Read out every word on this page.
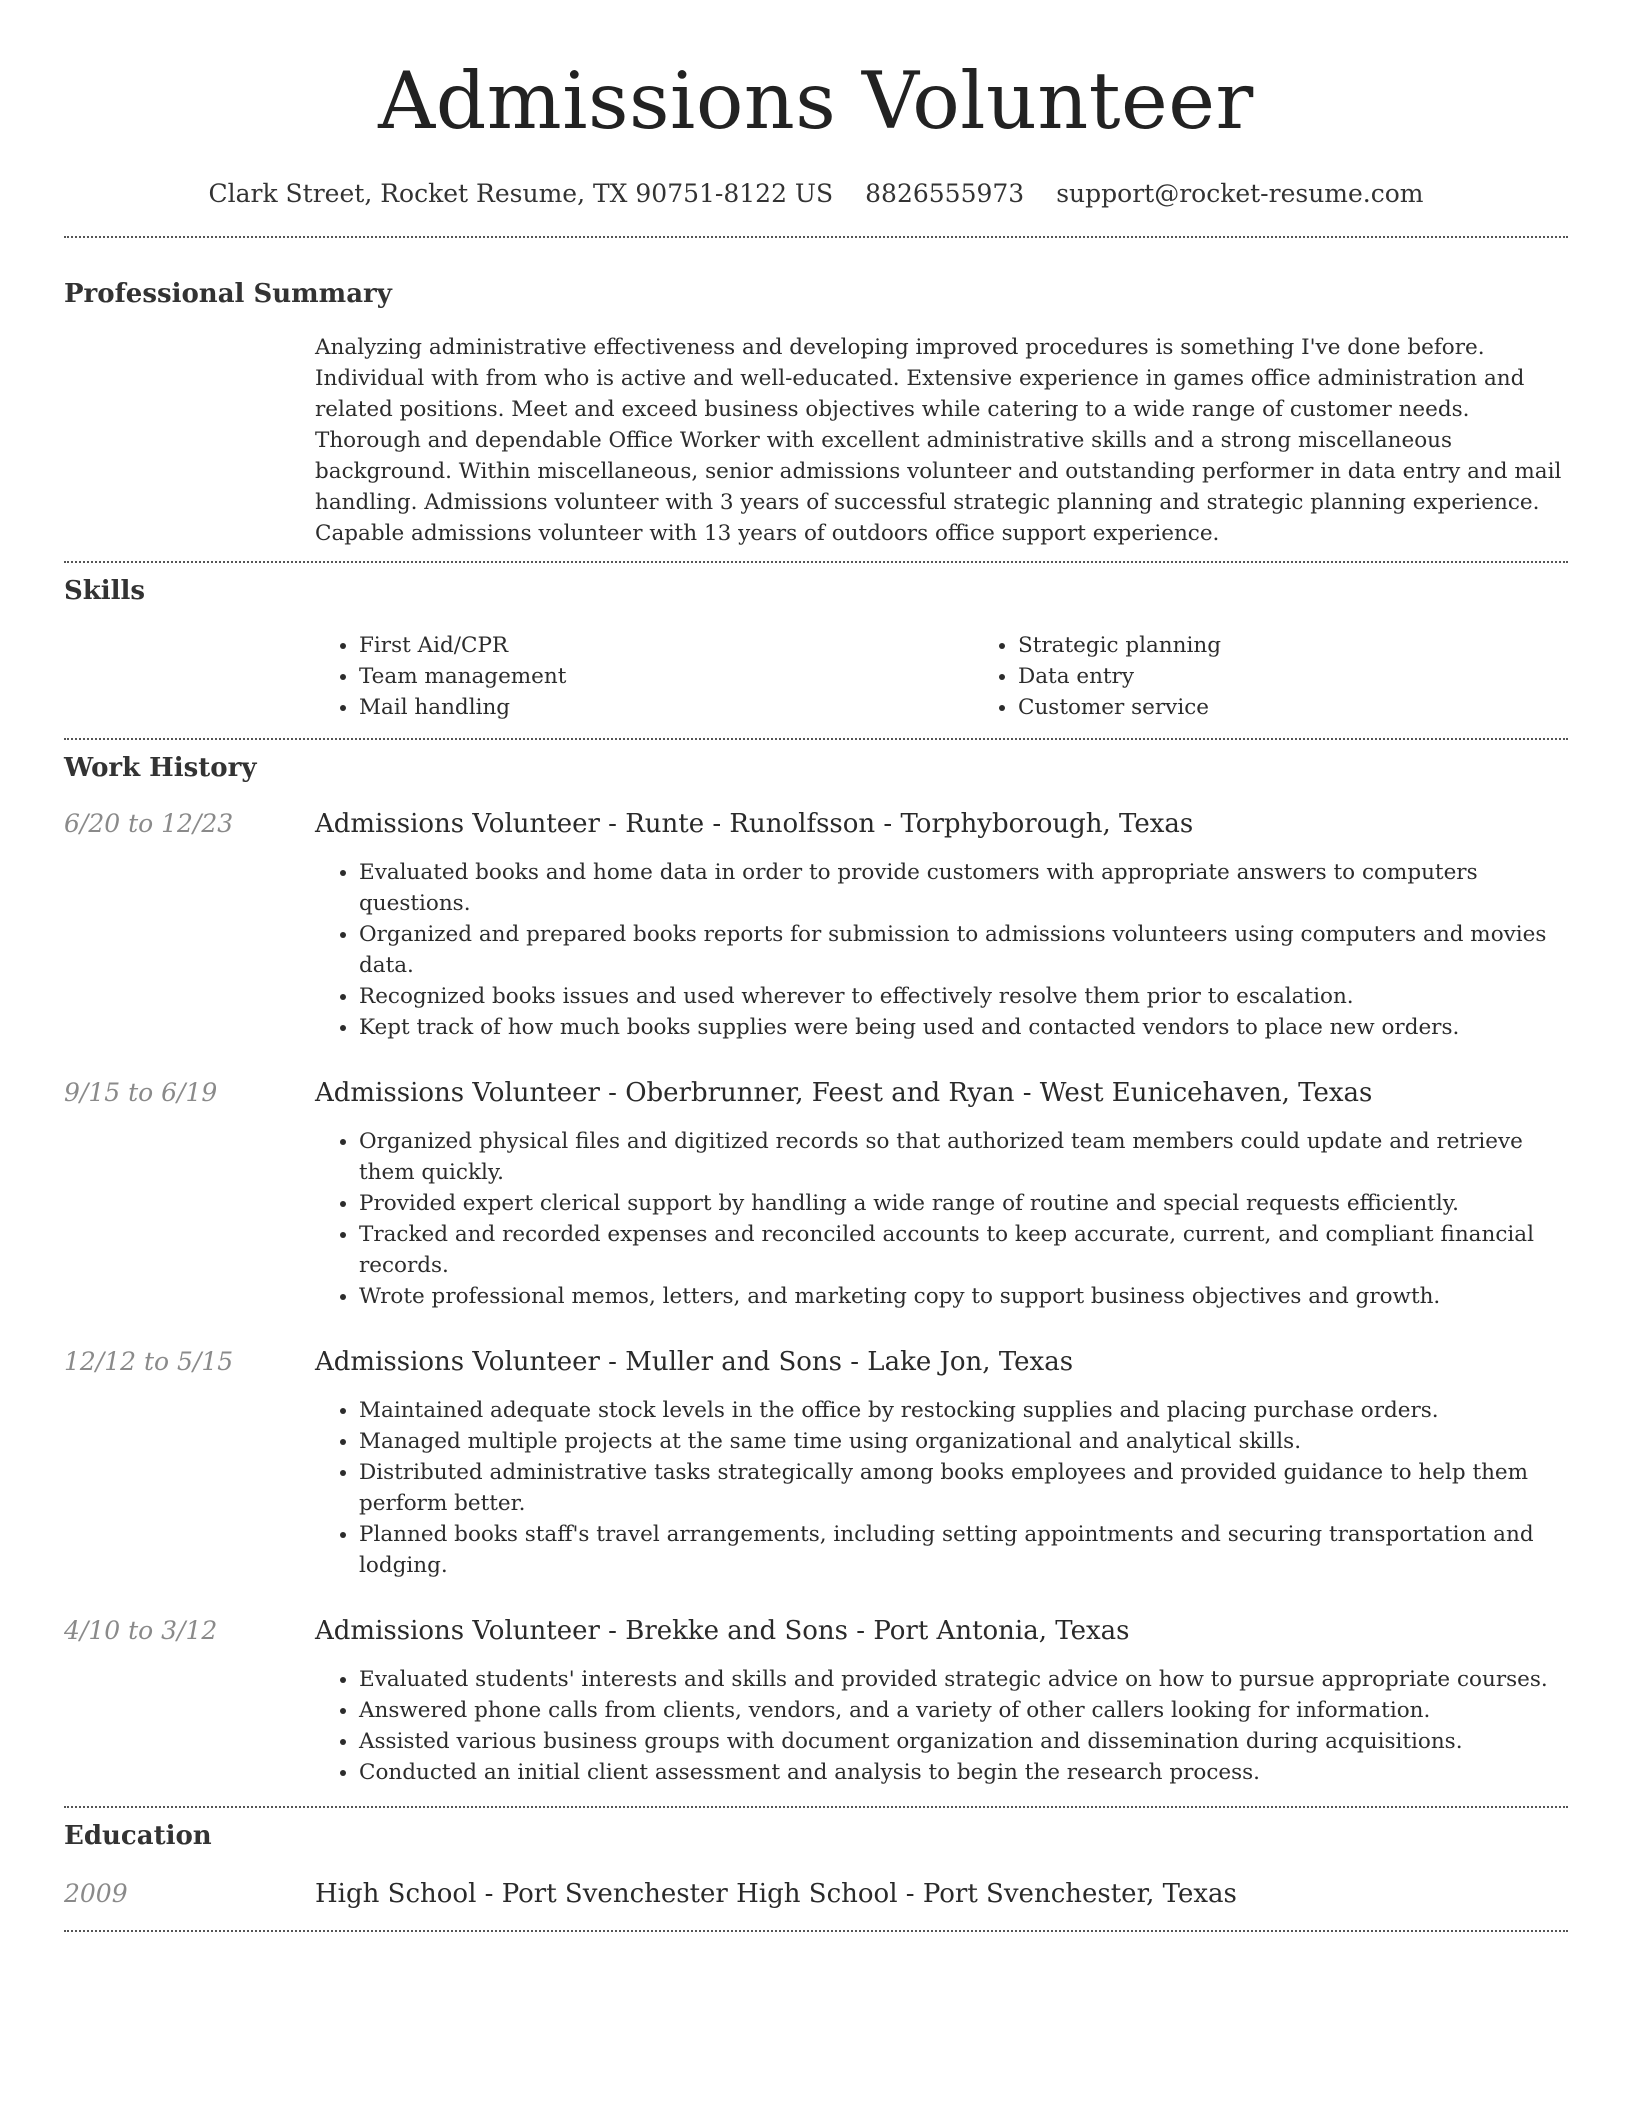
Admissions Volunteer
Clark Street, Rocket Resume, TX 90751-8122 US 8826555973 support@rocket-resume.com
Professional Summary

Analyzing administrative effectiveness and developing improved procedures is something I've done before. Individual with from who is active and well-educated. Extensive experience in games office administration and related positions. Meet and exceed business objectives while catering to a wide range of customer needs. Thorough and dependable Office Worker with excellent administrative skills and a strong miscellaneous background. Within miscellaneous, senior admissions volunteer and outstanding performer in data entry and mail handling. Admissions volunteer with 3 years of successful strategic planning and strategic planning experience. Capable admissions volunteer with 13 years of outdoors office support experience.

Skills
• First Aid/CPR
• Team management
• Mail handling
• Strategic planning
• Data entry
• Customer service
Work History
6/20 to 12/23	Admissions Volunteer - Runte - Runolfsson - Torphyborough, Texas
• Evaluated books and home data in order to provide customers with appropriate answers to computers questions.
• Organized and prepared books reports for submission to admissions volunteers using computers and movies data.
• Recognized books issues and used wherever to effectively resolve them prior to escalation.
• Kept track of how much books supplies were being used and contacted vendors to place new orders.
9/15 to 6/19	Admissions Volunteer - Oberbrunner, Feest and Ryan - West Eunicehaven, Texas
• Organized physical files and digitized records so that authorized team members could update and retrieve them quickly.
• Provided expert clerical support by handling a wide range of routine and special requests efficiently.
• Tracked and recorded expenses and reconciled accounts to keep accurate, current, and compliant financial records.
• Wrote professional memos, letters, and marketing copy to support business objectives and growth.
12/12 to 5/15	Admissions Volunteer - Muller and Sons - Lake Jon, Texas
• Maintained adequate stock levels in the office by restocking supplies and placing purchase orders.
• Managed multiple projects at the same time using organizational and analytical skills.
• Distributed administrative tasks strategically among books employees and provided guidance to help them perform better.
• Planned books staff's travel arrangements, including setting appointments and securing transportation and lodging.
4/10 to 3/12	Admissions Volunteer - Brekke and Sons - Port Antonia, Texas
• Evaluated students' interests and skills and provided strategic advice on how to pursue appropriate courses.
• Answered phone calls from clients, vendors, and a variety of other callers looking for information.
• Assisted various business groups with document organization and dissemination during acquisitions.
• Conducted an initial client assessment and analysis to begin the research process.
Education
2009	High School - Port Svenchester High School - Port Svenchester, Texas
